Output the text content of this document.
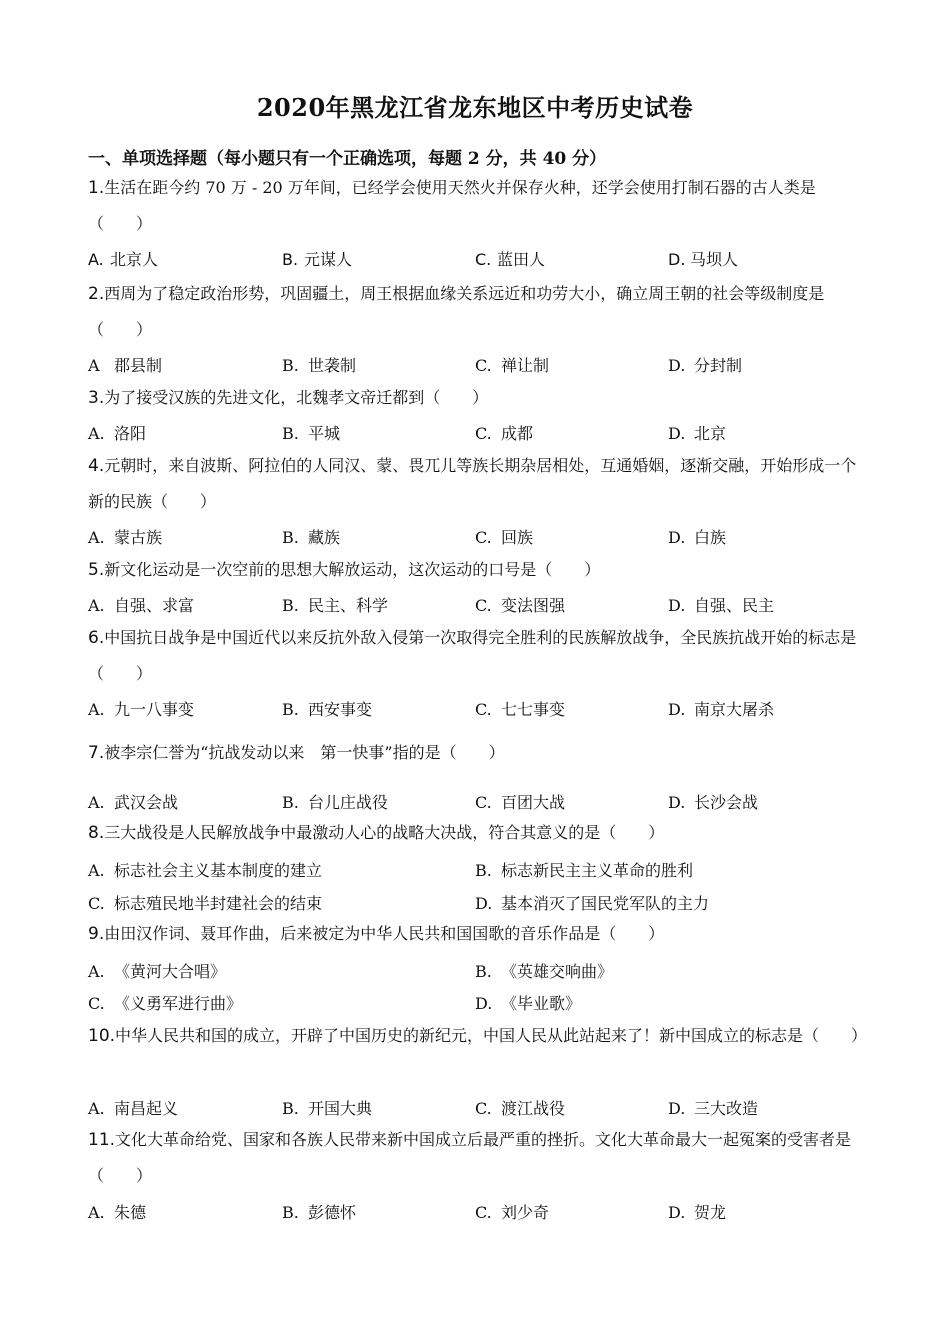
2020年黑龙江省龙东地区中考历史试卷
一、单项选择题（每小题只有一个正确选项，每题 2 分，共 40 分）
1.生活在距今约 70 万 - 20 万年间，已经学会使用天然火并保存火种，还学会使用打制石器的古人类是（　　）
A. 北京人	B. 元谋人	C. 蓝田人	D. 马坝人
2.西周为了稳定政治形势，巩固疆土，周王根据血缘关系远近和功劳大小，确立周王朝的社会等级制度是（　　）
A 郡县制	B. 世袭制	C. 禅让制	D. 分封制
3.为了接受汉族的先进文化，北魏孝文帝迁都到（　　）
A. 洛阳	B. 平城	C. 成都	D. 北京
4.元朝时，来自波斯、阿拉伯的人同汉、蒙、畏兀儿等族长期杂居相处，互通婚姻，逐渐交融，开始形成一个新的民族（　　）
A. 蒙古族	B. 藏族	C. 回族	D. 白族
5.新文化运动是一次空前的思想大解放运动，这次运动的口号是（　　）
A. 自强、求富	B. 民主、科学	C. 变法图强	D. 自强、民主
6.中国抗日战争是中国近代以来反抗外敌入侵第一次取得完全胜利的民族解放战争，全民族抗战开始的标志是（　　）
A. 九一八事变	B. 西安事变	C. 七七事变	D. 南京大屠杀
7.被李宗仁誉为“抗战发动以来　第一快事”指的是（　　）
A. 武汉会战	B. 台儿庄战役	C. 百团大战	D. 长沙会战
8.三大战役是人民解放战争中最激动人心的战略大决战，符合其意义的是（　　）
A. 标志社会主义基本制度的建立	B. 标志新民主主义革命的胜利
C. 标志殖民地半封建社会的结束	D. 基本消灭了国民党军队的主力
9.由田汉作词、聂耳作曲，后来被定为中华人民共和国国歌的音乐作品是（　　）
A. 《黄河大合唱》	B. 《英雄交响曲》
C. 《义勇军进行曲》	D. 《毕业歌》
10.中华人民共和国的成立，开辟了中国历史的新纪元，中国人民从此站起来了！新中国成立的标志是（　　）
A. 南昌起义	B. 开国大典	C. 渡江战役	D. 三大改造
11.文化大革命给党、国家和各族人民带来新中国成立后最严重的挫折。文化大革命最大一起冤案的受害者是（　　）
A. 朱德	B. 彭德怀	C. 刘少奇	D. 贺龙
